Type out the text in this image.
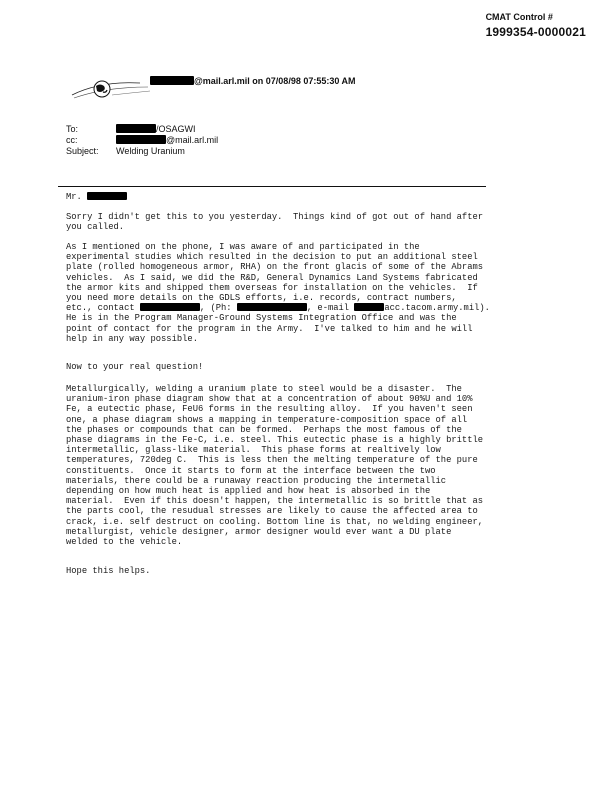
CMAT Control #
1999354-0000021
@mail.arl.mil on 07/08/98 07:55:30 AM
To:	/OSAGWI
cc:	@mail.arl.mil
Subject: Welding Uranium
Mr.
Sorry I didn't get this to you yesterday.  Things kind of got out of hand after
you called.
As I mentioned on the phone, I was aware of and participated in the
experimental studies which resulted in the decision to put an additional steel
plate (rolled homogeneous armor, RHA) on the front glacis of some of the Abrams
vehicles.  As I said, we did the R&D, General Dynamics Land Systems fabricated
the armor kits and shipped them overseas for installation on the vehicles.  If
you need more details on the GDLS efforts, i.e. records, contract numbers,
etc., contact	, (Ph:	, e-mail	acc.tacom.army.mil).
He is in the Program Manager-Ground Systems Integration Office and was the
point of contact for the program in the Army.  I've talked to him and he will
help in any way possible.
Now to your real question!
Metallurgically, welding a uranium plate to steel would be a disaster.  The
uranium-iron phase diagram show that at a concentration of about 90%U and 10%
Fe, a eutectic phase, FeU6 forms in the resulting alloy.  If you haven't seen
one, a phase diagram shows a mapping in temperature-composition space of all
the phases or compounds that can be formed.  Perhaps the most famous of the
phase diagrams in the Fe-C, i.e. steel. This eutectic phase is a highly brittle
intermetallic, glass-like material.  This phase forms at realtively low
temperatures, 720deg C.  This is less then the melting temperature of the pure
constituents.  Once it starts to form at the interface between the two
materials, there could be a runaway reaction producing the intermetallic
depending on how much heat is applied and how heat is absorbed in the
material.  Even if this doesn't happen, the intermetallic is so brittle that as
the parts cool, the resudual stresses are likely to cause the affected area to
crack, i.e. self destruct on cooling. Bottom line is that, no welding engineer,
metallurgist, vehicle designer, armor designer would ever want a DU plate
welded to the vehicle.
Hope this helps.
